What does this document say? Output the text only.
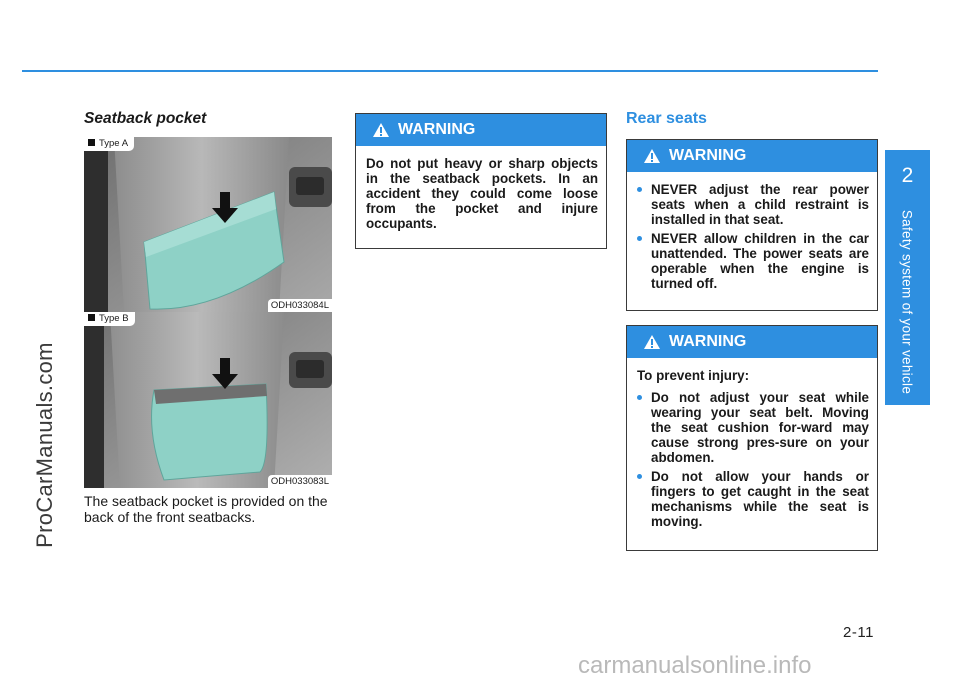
ProCarManuals.com
2
Safety system of your vehicle
Seatback pocket
Type A
ODH033084L
Type B
ODH033083L
The seatback pocket is provided on the back of the front seatbacks.
WARNING

Do not put heavy or sharp objects in the seatback pockets. In an accident they could come loose from the pocket and injure occupants.

Rear seats
WARNING
NEVER adjust the rear power seats when a child restraint is installed in that seat.
NEVER allow children in the car unattended. The power seats are operable when the engine is turned off.
WARNING

To prevent injury:

Do not adjust your seat while wearing your seat belt. Moving the seat cushion for-ward may cause strong pres-sure on your abdomen.
Do not allow your hands or fingers to get caught in the seat mechanisms while the seat is moving.
2-11
carmanualsonline.info
